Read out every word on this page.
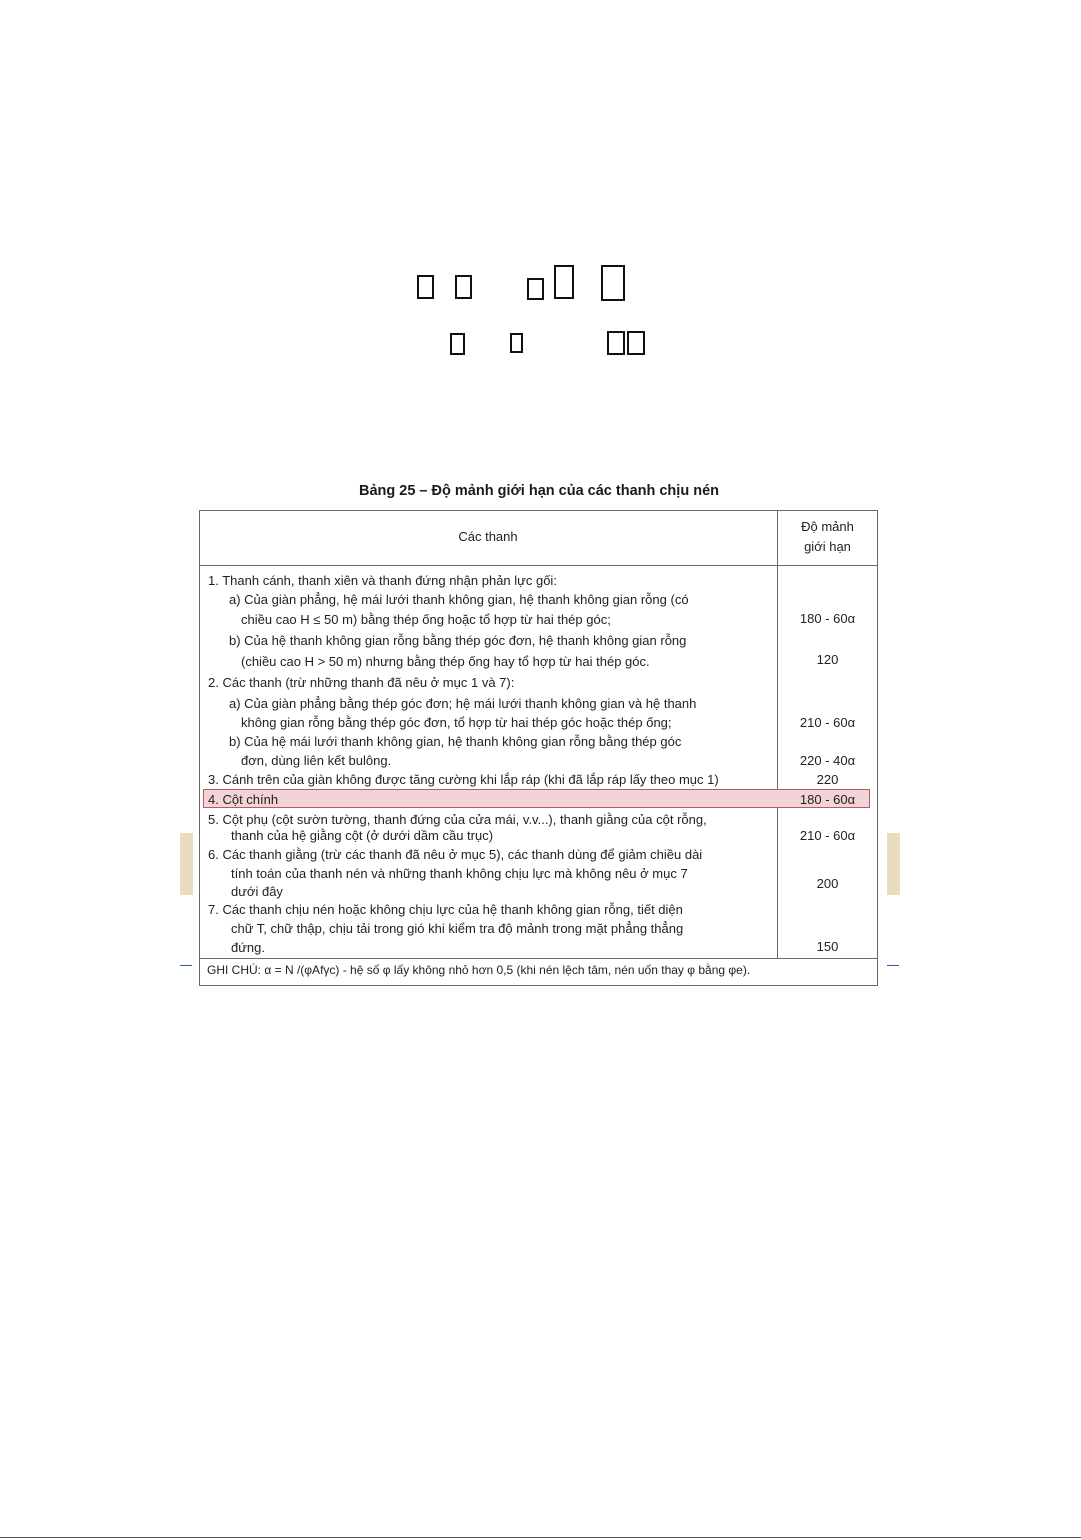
Bảng 25 – Độ mảnh giới hạn của các thanh chịu nén
Các thanh
Độ mảnh
giới hạn
1. Thanh cánh, thanh xiên và thanh đứng nhận phản lực gối:
a) Của giàn phẳng, hệ mái lưới thanh không gian, hệ thanh không gian rỗng (có
chiều cao H ≤ 50 m) bằng thép ống hoặc tổ hợp từ hai thép góc;
b) Của hệ thanh không gian rỗng bằng thép góc đơn, hệ thanh không gian rỗng
(chiều cao H > 50 m) nhưng bằng thép ống hay tổ hợp từ hai thép góc.
2. Các thanh (trừ những thanh đã nêu ở mục 1 và 7):
a) Của giàn phẳng bằng thép góc đơn; hệ mái lưới thanh không gian và hệ thanh
không gian rỗng bằng thép góc đơn, tổ hợp từ hai thép góc hoặc thép ống;
b) Của hệ mái lưới thanh không gian, hệ thanh không gian rỗng bằng thép góc
đơn, dùng liên kết bulông.
3. Cánh trên của giàn không được tăng cường khi lắp ráp (khi đã lắp ráp lấy theo mục 1)
4. Cột chính
5. Cột phụ (cột sườn tường, thanh đứng của cửa mái, v.v...), thanh giằng của cột rỗng,
thanh của hệ giằng cột (ở dưới dầm cầu trục)
6. Các thanh giằng (trừ các thanh đã nêu ở mục 5), các thanh dùng để giảm chiều dài
tính toán của thanh nén và những thanh không chịu lực mà không nêu ở mục 7
dưới đây
7. Các thanh chịu nén hoặc không chịu lực của hệ thanh không gian rỗng, tiết diện
chữ T, chữ thập, chịu tải trong gió khi kiểm tra độ mảnh trong mặt phẳng thẳng
đứng.
180 - 60α
120
210 - 60α
220 - 40α
220
180 - 60α
210 - 60α
200
150
GHI CHÚ: α = N /(φAfγc) - hệ số φ lấy không nhỏ hơn 0,5 (khi nén lệch tâm, nén uốn thay φ bằng φe).
